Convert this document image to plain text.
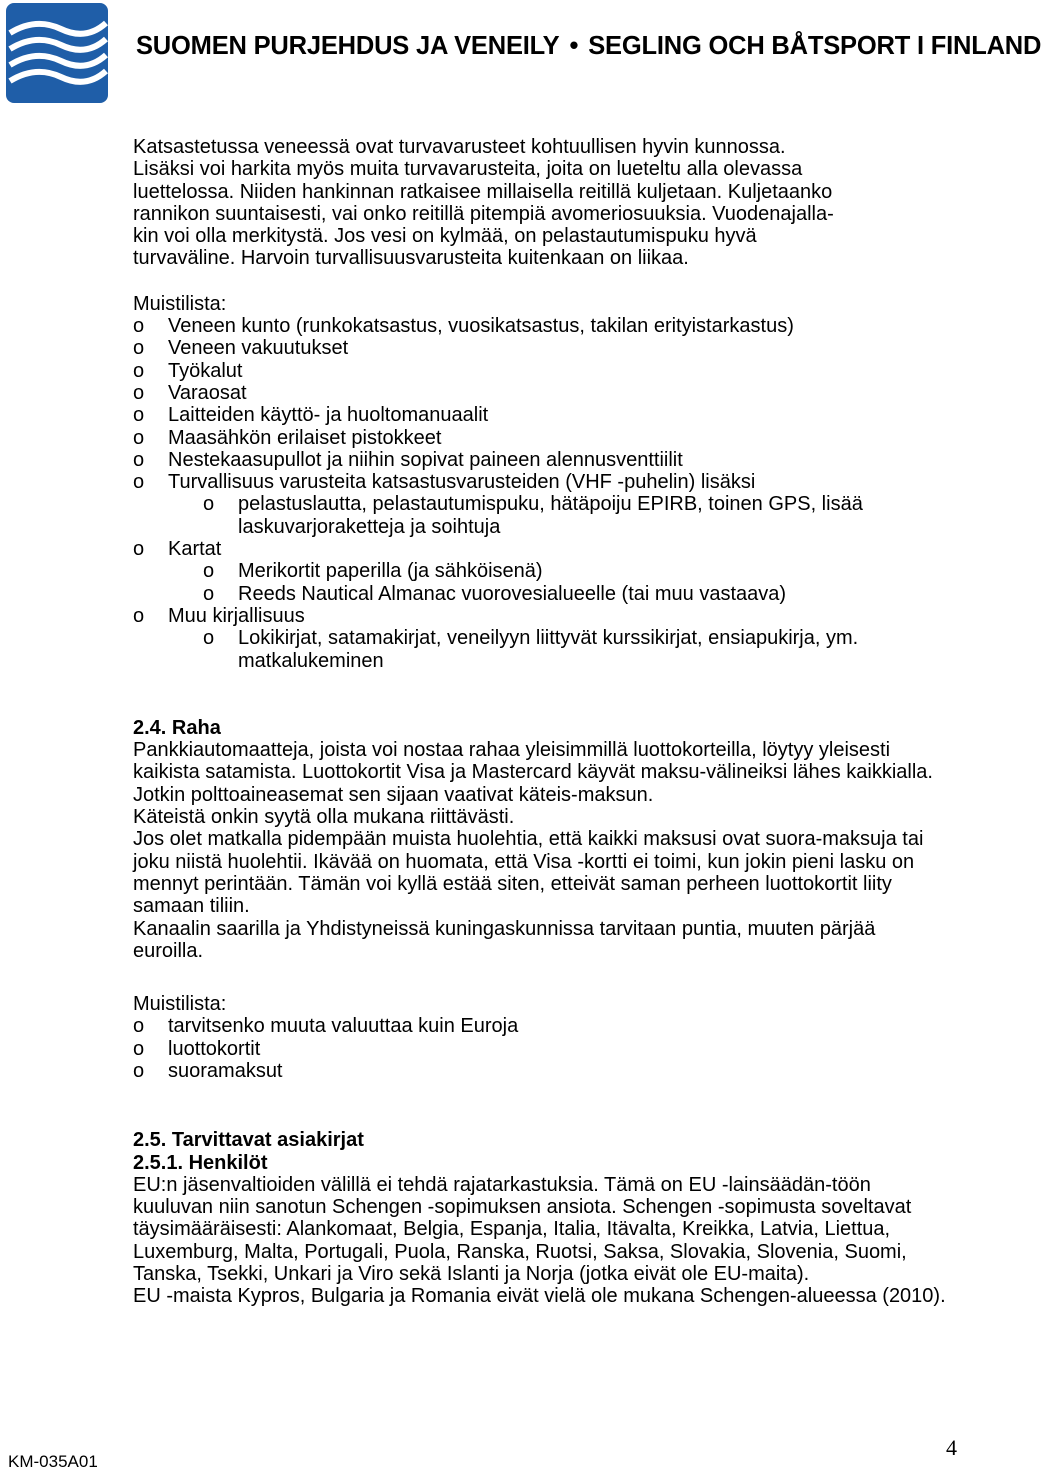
SUOMEN PURJEHDUS JA VENEILY • SEGLING OCH BÅTSPORT I FINLAND
Katsastetussa veneessä ovat turvavarusteet kohtuullisen hyvin kunnossa.
Lisäksi voi harkita myös muita turvavarusteita, joita on lueteltu alla olevassa
luettelossa. Niiden hankinnan ratkaisee millaisella reitillä kuljetaan. Kuljetaanko
rannikon suuntaisesti, vai onko reitillä pitempiä avomeriosuuksia. Vuodenajalla-
kin voi olla merkitystä. Jos vesi on kylmää, on pelastautumispuku hyvä
turvaväline. Harvoin turvallisuusvarusteita kuitenkaan on liikaa.
Muistilista:
o Veneen kunto (runkokatsastus, vuosikatsastus, takilan erityistarkastus)
o Veneen vakuutukset
o Työkalut
o Varaosat
o Laitteiden käyttö- ja huoltomanuaalit
o Maasähkön erilaiset pistokkeet
o Nestekaasupullot ja niihin sopivat paineen alennusventtiilit
o Turvallisuus varusteita katsastusvarusteiden (VHF -puhelin) lisäksi
o pelastuslautta, pelastautumispuku, hätäpoiju EPIRB, toinen GPS, lisää laskuvarjoraketteja ja soihtuja
o Kartat
o Merikortit paperilla (ja sähköisenä)
o Reeds Nautical Almanac vuorovesialueelle (tai muu vastaava)
o Muu kirjallisuus
o Lokikirjat, satamakirjat, veneilyyn liittyvät kurssikirjat, ensiapukirja, ym. matkalukeminen
2.4. Raha
Pankkiautomaatteja, joista voi nostaa rahaa yleisimmillä luottokorteilla, löytyy yleisesti kaikista satamista. Luottokortit Visa ja Mastercard käyvät maksu-välineiksi lähes kaikkialla. Jotkin polttoaineasemat sen sijaan vaativat käteis-maksun.
Käteistä onkin syytä olla mukana riittävästi.
Jos olet matkalla pidempään muista huolehtia, että kaikki maksusi ovat suora-maksuja tai joku niistä huolehtii. Ikävää on huomata, että Visa -kortti ei toimi, kun jokin pieni lasku on mennyt perintään. Tämän voi kyllä estää siten, etteivät saman perheen luottokortit liity samaan tiliin.
Kanaalin saarilla ja Yhdistyneissä kuningaskunnissa tarvitaan puntia, muuten pärjää euroilla.
Muistilista:
o tarvitsenko muuta valuuttaa kuin Euroja
o luottokortit
o suoramaksut
2.5. Tarvittavat asiakirjat
2.5.1. Henkilöt
EU:n jäsenvaltioiden välillä ei tehdä rajatarkastuksia. Tämä on EU -lainsäädän-töön kuuluvan niin sanotun Schengen -sopimuksen ansiota. Schengen -sopimusta soveltavat täysimääräisesti: Alankomaat, Belgia, Espanja, Italia, Itävalta, Kreikka, Latvia, Liettua, Luxemburg, Malta, Portugali, Puola, Ranska, Ruotsi, Saksa, Slovakia, Slovenia, Suomi, Tanska, Tsekki, Unkari ja Viro sekä Islanti ja Norja (jotka eivät ole EU-maita).
EU -maista Kypros, Bulgaria ja Romania eivät vielä ole mukana Schengen-alueessa (2010).
KM-035A01
4
